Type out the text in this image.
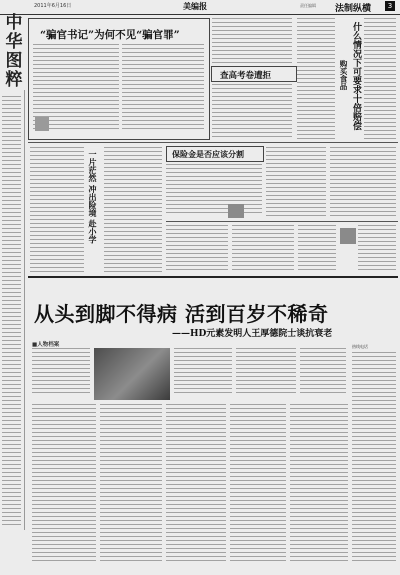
2011年6月16日	美编报	责任编辑 法制纵横	3
中
华
图
粹
“骗官书记”为何不见“骗官罪”
查高考卷遭拒	购买食品 什么情况下可要求十倍赔偿
一片茫然 冲出险境 赴小学	保险金是否应该分割
从头到脚不得病 活到百岁不稀奇
——HD元素发明人王厚德院士谈抗衰老
■人物档案	热线电话
